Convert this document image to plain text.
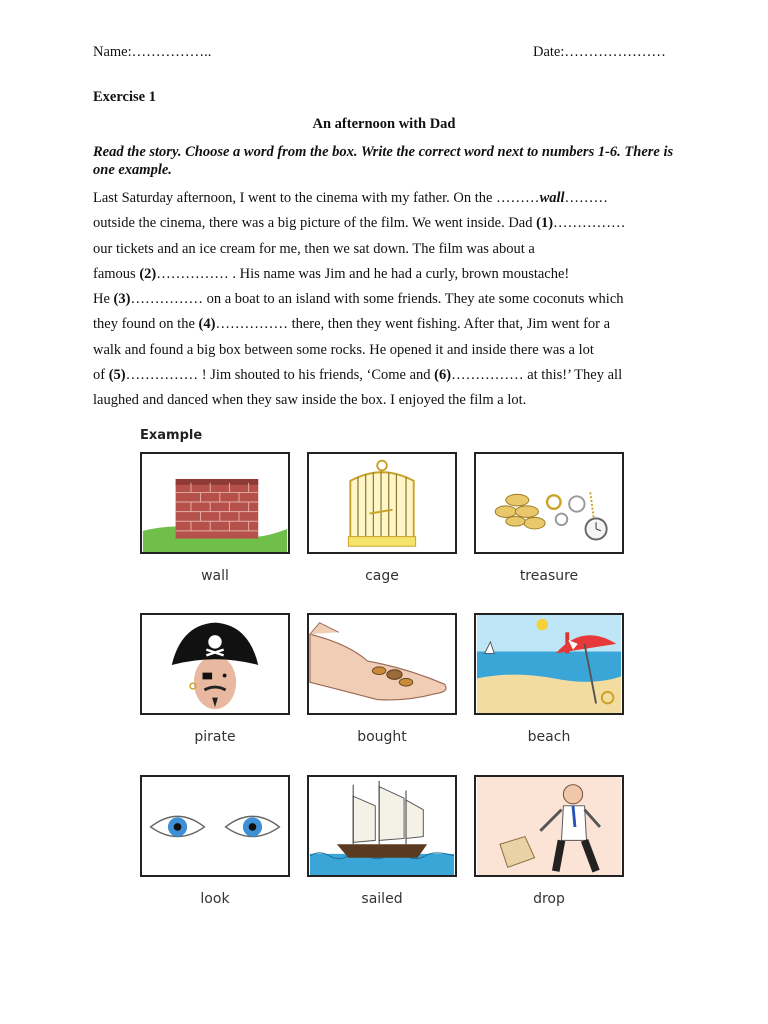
Name:……………..	Date:…………………
Exercise 1
An afternoon with Dad
Read the story. Choose a word from the box. Write the correct word next to numbers 1-6. There is one example.
Last Saturday afternoon, I went to the cinema with my father. On the ………wall………
outside the cinema, there was a big picture of the film. We went inside. Dad (1)……………
our tickets and an ice cream for me, then we sat down. The film was about a
famous (2)…………… . His name was Jim and he had a curly, brown moustache!
He (3)…………… on a boat to an island with some friends. They ate some coconuts which
they found on the (4)…………… there, then they went fishing. After that, Jim went for a
walk and found a big box between some rocks. He opened it and inside there was a lot
of (5)…………… ! Jim shouted to his friends, ‘Come and (6)…………… at this!’ They all
laughed and danced when they saw inside the box. I enjoyed the film a lot.
Example
wall	cage	treasure
pirate	bought	beach
look	sailed	drop
